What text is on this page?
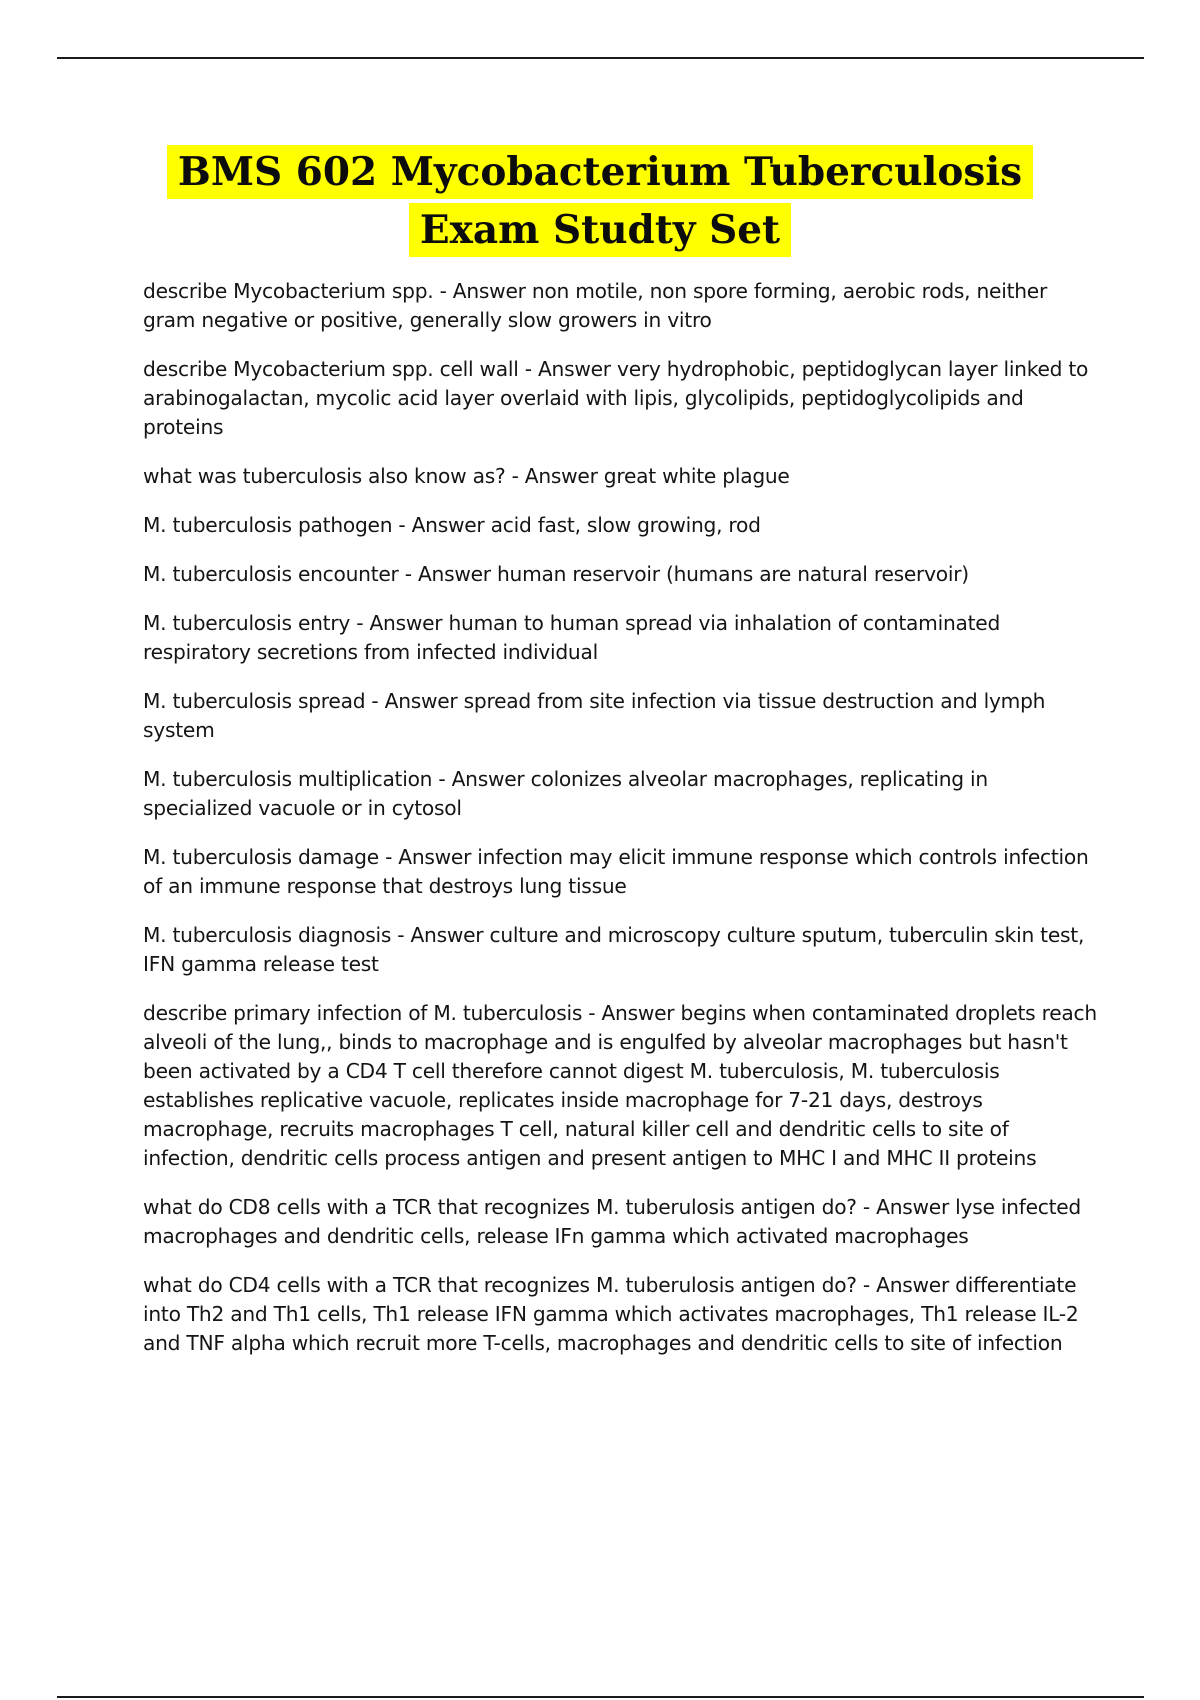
BMS 602 Mycobacterium Tuberculosis
Exam Studty Set

describe Mycobacterium spp. - Answer non motile, non spore forming, aerobic rods, neither gram negative or positive, generally slow growers in vitro

describe Mycobacterium spp. cell wall - Answer very hydrophobic, peptidoglycan layer linked to arabinogalactan, mycolic acid layer overlaid with lipis, glycolipids, peptidoglycolipids and proteins

what was tuberculosis also know as? - Answer great white plague

M. tuberculosis pathogen - Answer acid fast, slow growing, rod

M. tuberculosis encounter - Answer human reservoir (humans are natural reservoir)

M. tuberculosis entry - Answer human to human spread via inhalation of contaminated respiratory secretions from infected individual

M. tuberculosis spread - Answer spread from site infection via tissue destruction and lymph system

M. tuberculosis multiplication - Answer colonizes alveolar macrophages, replicating in specialized vacuole or in cytosol

M. tuberculosis damage - Answer infection may elicit immune response which controls infection of an immune response that destroys lung tissue

M. tuberculosis diagnosis - Answer culture and microscopy culture sputum, tuberculin skin test, IFN gamma release test

describe primary infection of M. tuberculosis - Answer begins when contaminated droplets reach alveoli of the lung,, binds to macrophage and is engulfed by alveolar macrophages but hasn't been activated by a CD4 T cell therefore cannot digest M. tuberculosis, M. tuberculosis establishes replicative vacuole, replicates inside macrophage for 7-21 days, destroys macrophage, recruits macrophages T cell, natural killer cell and dendritic cells to site of infection, dendritic cells process antigen and present antigen to MHC I and MHC II proteins

what do CD8 cells with a TCR that recognizes M. tuberulosis antigen do? - Answer lyse infected macrophages and dendritic cells, release IFn gamma which activated macrophages

what do CD4 cells with a TCR that recognizes M. tuberulosis antigen do? - Answer differentiate into Th2 and Th1 cells, Th1 release IFN gamma which activates macrophages, Th1 release IL-2 and TNF alpha which recruit more T-cells, macrophages and dendritic cells to site of infection
